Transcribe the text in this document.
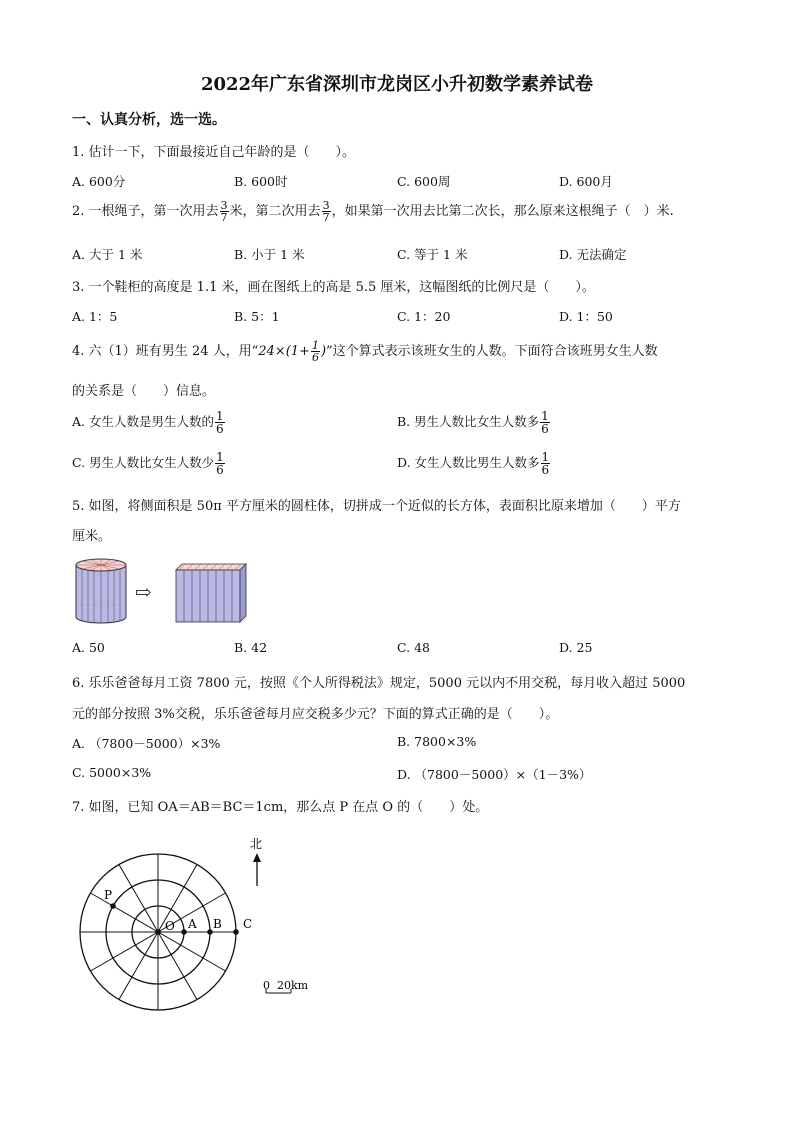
2022年广东省深圳市龙岗区小升初数学素养试卷
一、认真分析，选一选。
1. 估计一下，下面最接近自己年龄的是（　　）。
A. 600分	B. 600时	C. 600周	D. 600月
2. 一根绳子，第一次用去 $\frac{3}{7}$ 米，第二次用去 $\frac{3}{7}$ ，如果第一次用去比第二次长，那么原来这根绳子（　）米.
A. 大于 1 米	B. 小于 1 米	C. 等于 1 米	D. 无法确定
3. 一个鞋柜的高度是 1.1 米，画在图纸上的高是 5.5 厘米，这幅图纸的比例尺是（　　）。
A. 1：5	B. 5：1	C. 1：20	D. 1：50
4. 六（1）班有男生 24 人，用“$24\times(1+ \frac{1}{6}$ )”这个算式表示该班女生的人数。下面符合该班男女生人数
的关系是（　　）信息。
A. 女生人数是男生人数的 $\frac{1}{6}$	B. 男生人数比女生人数多 $\frac{1}{6}$
C. 男生人数比女生人数少 $\frac{1}{6}$	D. 女生人数比男生人数多 $\frac{1}{6}$
5. 如图，将侧面积是 50π 平方厘米的圆柱体，切拼成一个近似的长方体，表面积比原来增加（　　）平方
厘米。
⇨
A. 50	B. 42	C. 48	D. 25
6. 乐乐爸爸每月工资 7800 元，按照《个人所得税法》规定，5000 元以内不用交税，每月收入超过 5000
元的部分按照 3%交税，乐乐爸爸每月应交税多少元？下面的算式正确的是（　　）。
A. （7800－5000）×3%	B. 7800×3%
C. 5000×3%	D. （7800－5000）×（1－3%）
7. 如图，已知 OA＝AB＝BC＝1cm，那么点 P 在点 O 的（　　）处。
P
O A B C
北
0 20km
